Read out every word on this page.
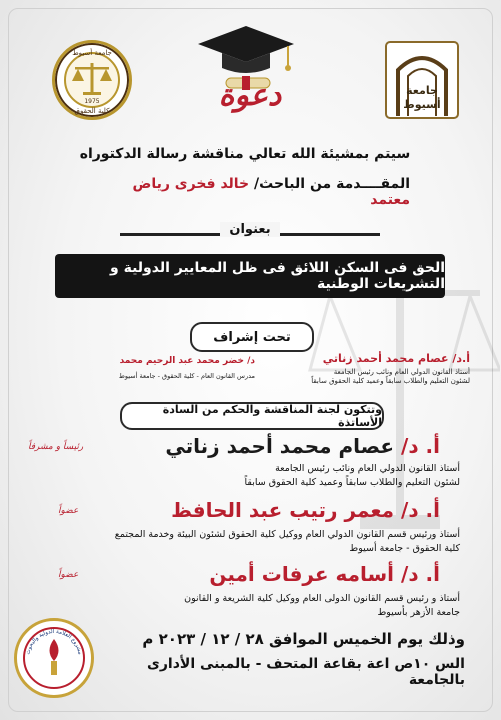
جامعة أسيوط
1975
كلية الحقوق
جامعة
أسيوط
دعوة
سيتم بمشيئة الله تعالي مناقشة رسالة الدكتوراه
المقــــدمة من الباحث/ خالد فخرى رياض معتمد
بعنوان
الحق فى السكن اللائق فى ظل المعايير الدولية و التشريعات الوطنية
تحت إشراف
أ.د/ عصام محمد أحمد زناتي
أستاذ القانون الدولي العام ونائب رئيس الجامعة
لشئون التعليم والطلاب سابقاً وعميد كلية الحقوق سابقاً
د/ خضر محمد عبد الرحيم محمد
مدرس القانون العام - كلية الحقوق - جامعة أسيوط
وتتكون لجنة المناقشة والحكم من السادة الأساتذة
أ. د/ عصام محمد أحمد زناتي
رئيساً و مشرفاً
أستاذ القانون الدولي العام ونائب رئيس الجامعة
لشئون التعليم والطلاب سابقاً وعميد كلية الحقوق سابقاً
أ. د/ معمر رتيب عبد الحافظ
عضواً
أستاذ ورئيس قسم القانون الدولي العام ووكيل كلية الحقوق لشئون البيئة وخدمة المجتمع
كلية الحقوق - جامعة أسيوط
أ. د/ أسامه عرفات أمين
عضواً
أستاذ و رئيس قسم القانون الدولى العام ووكيل كلية الشريعة و القانون
جامعة الأزهر بأسيوط
مشروع العلامة الدولية والبحوث
وذلك يوم الخميس الموافق ٢٨ / ١٢ / ٢٠٢٣ م
الس ١٠ص اعة بقاعة المتحف - بالمبنى الأدارى بالجامعة
